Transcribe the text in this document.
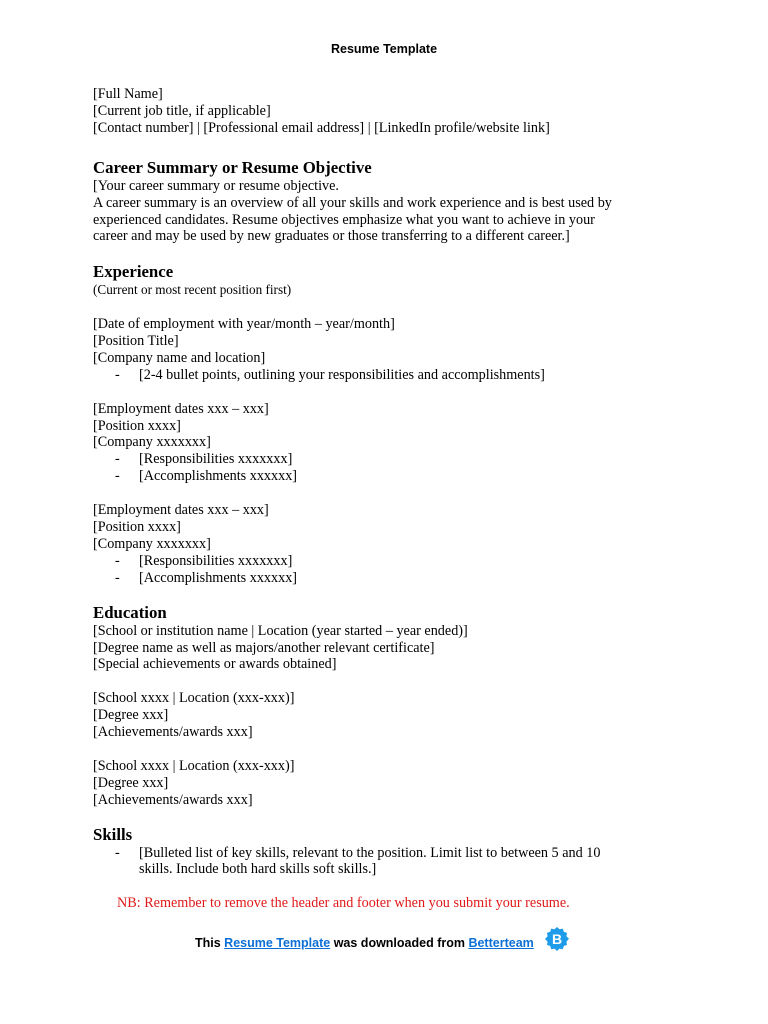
Resume Template

[Full Name]

[Current job title, if applicable]

[Contact number] | [Professional email address] | [LinkedIn profile/website link]

Career Summary or Resume Objective

[Your career summary or resume objective.

A career summary is an overview of all your skills and work experience and is best used by

experienced candidates. Resume objectives emphasize what you want to achieve in your

career and may be used by new graduates or those transferring to a different career.]

Experience

(Current or most recent position first)

[Date of employment with year/month – year/month]

[Position Title]

[Company name and location]

- [2-4 bullet points, outlining your responsibilities and accomplishments]

[Employment dates xxx – xxx]

[Position xxxx]

[Company xxxxxxx]

- [Responsibilities xxxxxxx]

- [Accomplishments xxxxxx]

[Employment dates xxx – xxx]

[Position xxxx]

[Company xxxxxxx]

- [Responsibilities xxxxxxx]

- [Accomplishments xxxxxx]

Education

[School or institution name | Location (year started – year ended)]

[Degree name as well as majors/another relevant certificate]

[Special achievements or awards obtained]

[School xxxx | Location (xxx-xxx)]

[Degree xxx]

[Achievements/awards xxx]

[School xxxx | Location (xxx-xxx)]

[Degree xxx]

[Achievements/awards xxx]

Skills

- [Bulleted list of key skills, relevant to the position. Limit list to between 5 and 10

skills. Include both hard skills soft skills.]

NB: Remember to remove the header and footer when you submit your resume.

This Resume Template was downloaded from Betterteam B
